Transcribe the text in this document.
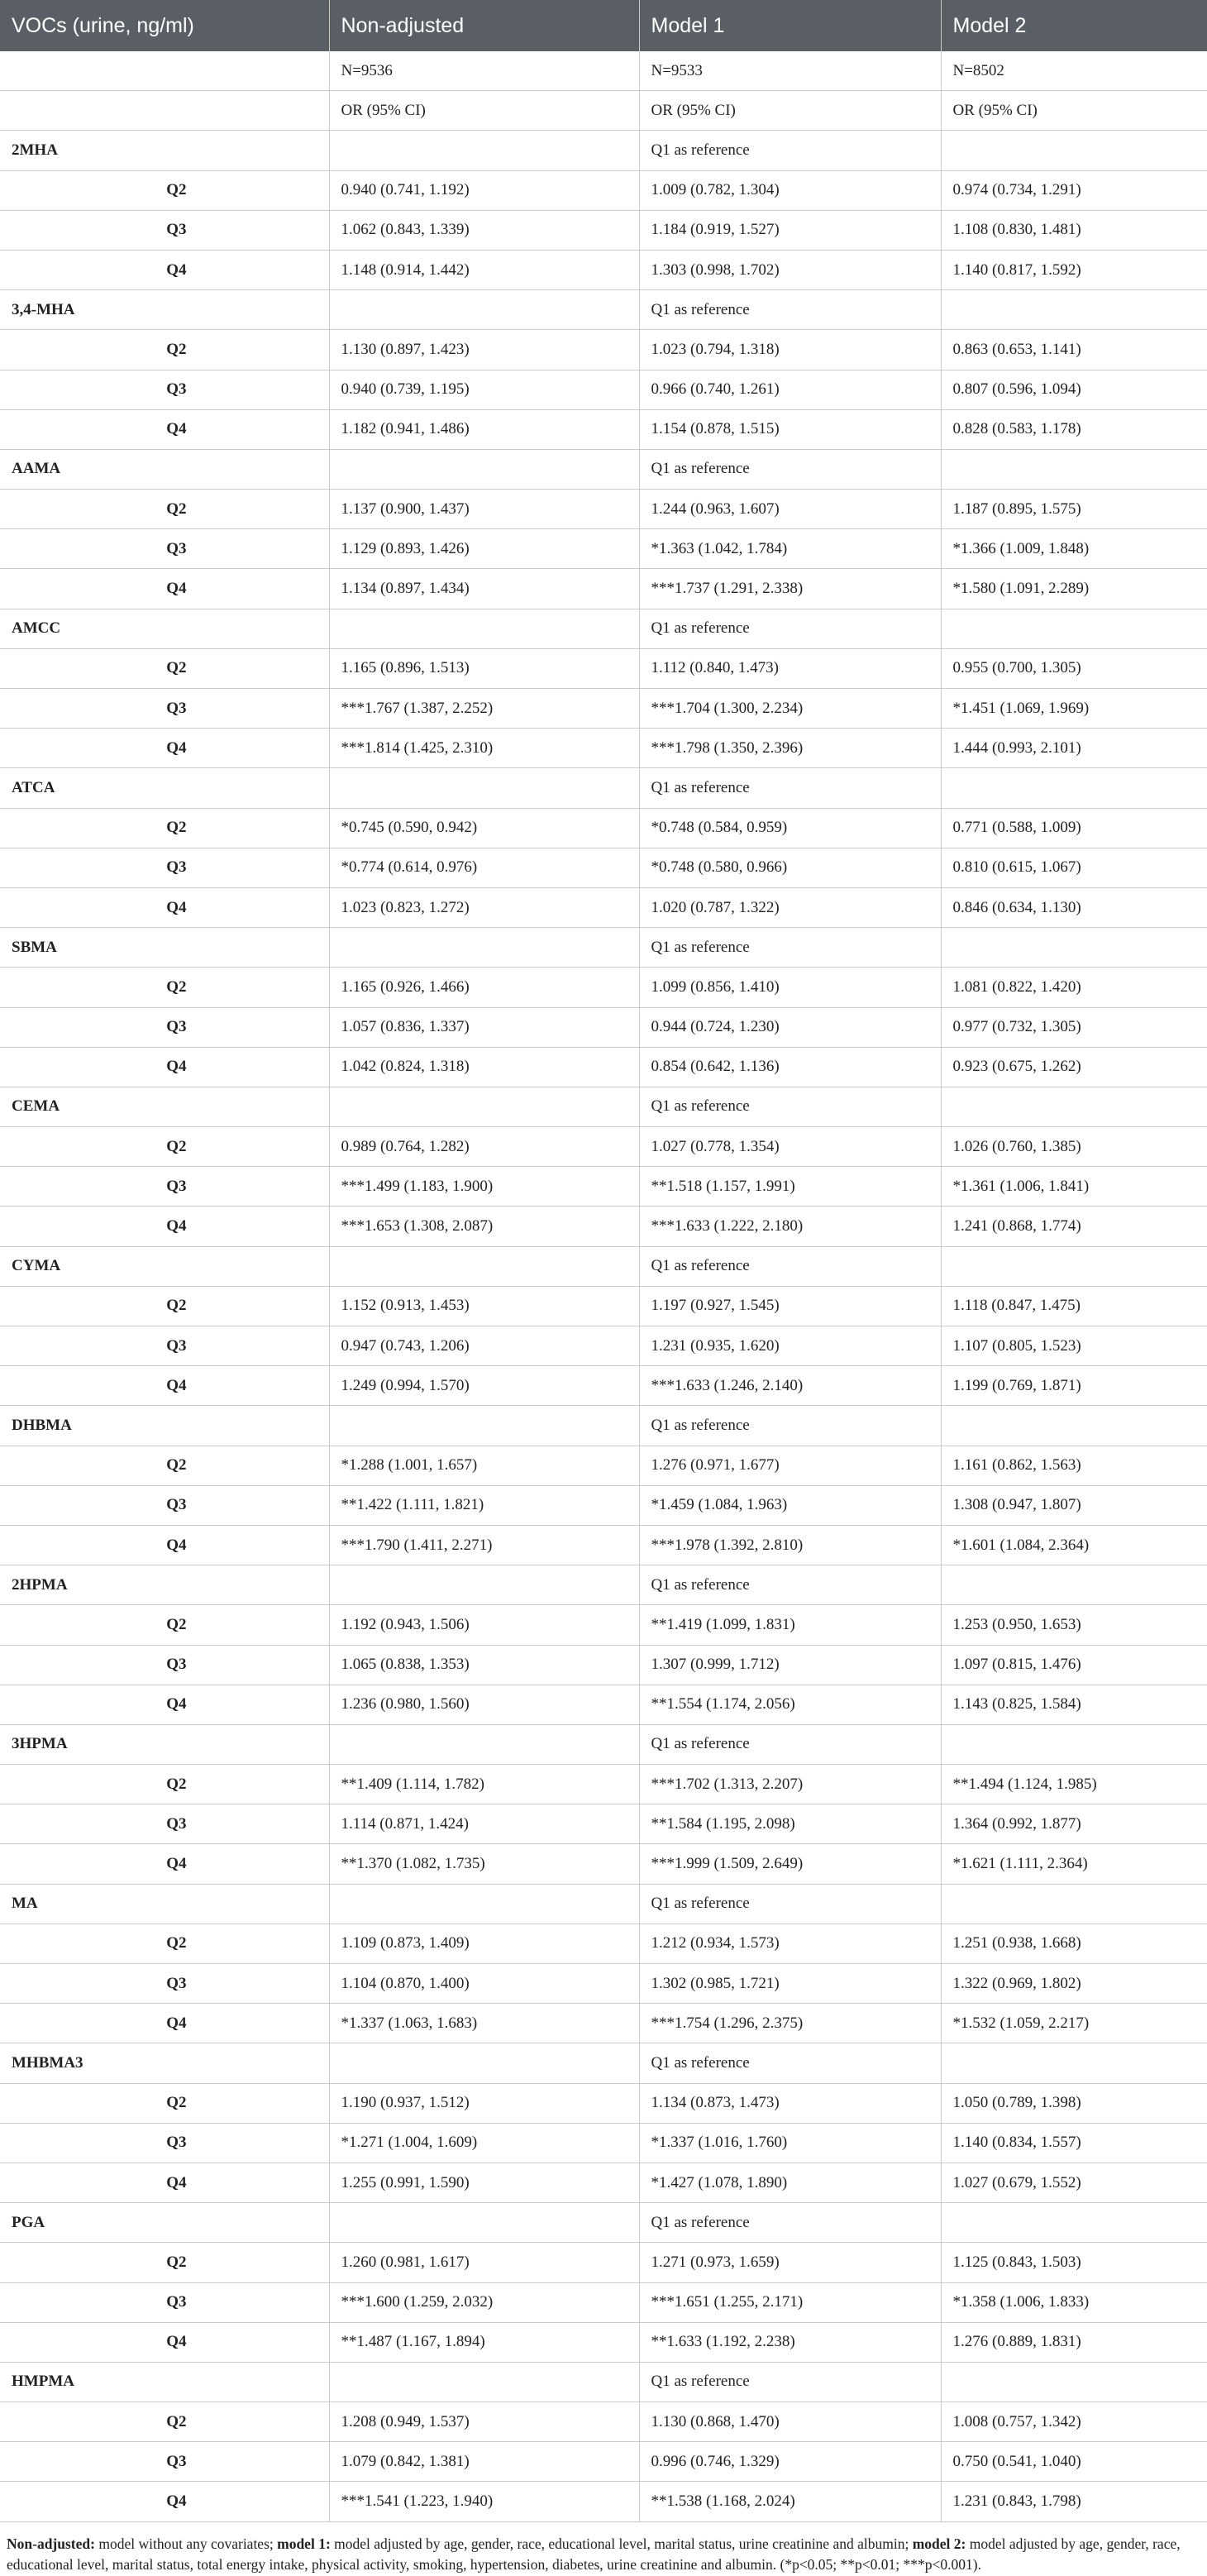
VOCs (urine, ng/ml)	Non-adjusted	Model 1	Model 2
	N=9536	N=9533	N=8502
	OR (95% CI)	OR (95% CI)	OR (95% CI)
2MHA		Q1 as reference	
Q2	0.940 (0.741, 1.192)	1.009 (0.782, 1.304)	0.974 (0.734, 1.291)
Q3	1.062 (0.843, 1.339)	1.184 (0.919, 1.527)	1.108 (0.830, 1.481)
Q4	1.148 (0.914, 1.442)	1.303 (0.998, 1.702)	1.140 (0.817, 1.592)
3,4-MHA		Q1 as reference	
Q2	1.130 (0.897, 1.423)	1.023 (0.794, 1.318)	0.863 (0.653, 1.141)
Q3	0.940 (0.739, 1.195)	0.966 (0.740, 1.261)	0.807 (0.596, 1.094)
Q4	1.182 (0.941, 1.486)	1.154 (0.878, 1.515)	0.828 (0.583, 1.178)
AAMA		Q1 as reference	
Q2	1.137 (0.900, 1.437)	1.244 (0.963, 1.607)	1.187 (0.895, 1.575)
Q3	1.129 (0.893, 1.426)	*1.363 (1.042, 1.784)	*1.366 (1.009, 1.848)
Q4	1.134 (0.897, 1.434)	***1.737 (1.291, 2.338)	*1.580 (1.091, 2.289)
AMCC		Q1 as reference	
Q2	1.165 (0.896, 1.513)	1.112 (0.840, 1.473)	0.955 (0.700, 1.305)
Q3	***1.767 (1.387, 2.252)	***1.704 (1.300, 2.234)	*1.451 (1.069, 1.969)
Q4	***1.814 (1.425, 2.310)	***1.798 (1.350, 2.396)	1.444 (0.993, 2.101)
ATCA		Q1 as reference	
Q2	*0.745 (0.590, 0.942)	*0.748 (0.584, 0.959)	0.771 (0.588, 1.009)
Q3	*0.774 (0.614, 0.976)	*0.748 (0.580, 0.966)	0.810 (0.615, 1.067)
Q4	1.023 (0.823, 1.272)	1.020 (0.787, 1.322)	0.846 (0.634, 1.130)
SBMA		Q1 as reference	
Q2	1.165 (0.926, 1.466)	1.099 (0.856, 1.410)	1.081 (0.822, 1.420)
Q3	1.057 (0.836, 1.337)	0.944 (0.724, 1.230)	0.977 (0.732, 1.305)
Q4	1.042 (0.824, 1.318)	0.854 (0.642, 1.136)	0.923 (0.675, 1.262)
CEMA		Q1 as reference	
Q2	0.989 (0.764, 1.282)	1.027 (0.778, 1.354)	1.026 (0.760, 1.385)
Q3	***1.499 (1.183, 1.900)	**1.518 (1.157, 1.991)	*1.361 (1.006, 1.841)
Q4	***1.653 (1.308, 2.087)	***1.633 (1.222, 2.180)	1.241 (0.868, 1.774)
CYMA		Q1 as reference	
Q2	1.152 (0.913, 1.453)	1.197 (0.927, 1.545)	1.118 (0.847, 1.475)
Q3	0.947 (0.743, 1.206)	1.231 (0.935, 1.620)	1.107 (0.805, 1.523)
Q4	1.249 (0.994, 1.570)	***1.633 (1.246, 2.140)	1.199 (0.769, 1.871)
DHBMA		Q1 as reference	
Q2	*1.288 (1.001, 1.657)	1.276 (0.971, 1.677)	1.161 (0.862, 1.563)
Q3	**1.422 (1.111, 1.821)	*1.459 (1.084, 1.963)	1.308 (0.947, 1.807)
Q4	***1.790 (1.411, 2.271)	***1.978 (1.392, 2.810)	*1.601 (1.084, 2.364)
2HPMA		Q1 as reference	
Q2	1.192 (0.943, 1.506)	**1.419 (1.099, 1.831)	1.253 (0.950, 1.653)
Q3	1.065 (0.838, 1.353)	1.307 (0.999, 1.712)	1.097 (0.815, 1.476)
Q4	1.236 (0.980, 1.560)	**1.554 (1.174, 2.056)	1.143 (0.825, 1.584)
3HPMA		Q1 as reference	
Q2	**1.409 (1.114, 1.782)	***1.702 (1.313, 2.207)	**1.494 (1.124, 1.985)
Q3	1.114 (0.871, 1.424)	**1.584 (1.195, 2.098)	1.364 (0.992, 1.877)
Q4	**1.370 (1.082, 1.735)	***1.999 (1.509, 2.649)	*1.621 (1.111, 2.364)
MA		Q1 as reference	
Q2	1.109 (0.873, 1.409)	1.212 (0.934, 1.573)	1.251 (0.938, 1.668)
Q3	1.104 (0.870, 1.400)	1.302 (0.985, 1.721)	1.322 (0.969, 1.802)
Q4	*1.337 (1.063, 1.683)	***1.754 (1.296, 2.375)	*1.532 (1.059, 2.217)
MHBMA3		Q1 as reference	
Q2	1.190 (0.937, 1.512)	1.134 (0.873, 1.473)	1.050 (0.789, 1.398)
Q3	*1.271 (1.004, 1.609)	*1.337 (1.016, 1.760)	1.140 (0.834, 1.557)
Q4	1.255 (0.991, 1.590)	*1.427 (1.078, 1.890)	1.027 (0.679, 1.552)
PGA		Q1 as reference	
Q2	1.260 (0.981, 1.617)	1.271 (0.973, 1.659)	1.125 (0.843, 1.503)
Q3	***1.600 (1.259, 2.032)	***1.651 (1.255, 2.171)	*1.358 (1.006, 1.833)
Q4	**1.487 (1.167, 1.894)	**1.633 (1.192, 2.238)	1.276 (0.889, 1.831)
HMPMA		Q1 as reference	
Q2	1.208 (0.949, 1.537)	1.130 (0.868, 1.470)	1.008 (0.757, 1.342)
Q3	1.079 (0.842, 1.381)	0.996 (0.746, 1.329)	0.750 (0.541, 1.040)
Q4	***1.541 (1.223, 1.940)	**1.538 (1.168, 2.024)	1.231 (0.843, 1.798)
Non-adjusted: model without any covariates; model 1: model adjusted by age, gender, race, educational level, marital status, urine creatinine and albumin; model 2: model adjusted by age, gender, race, educational level, marital status, total energy intake, physical activity, smoking, hypertension, diabetes, urine creatinine and albumin. (*p<0.05; **p<0.01; ***p<0.001).
